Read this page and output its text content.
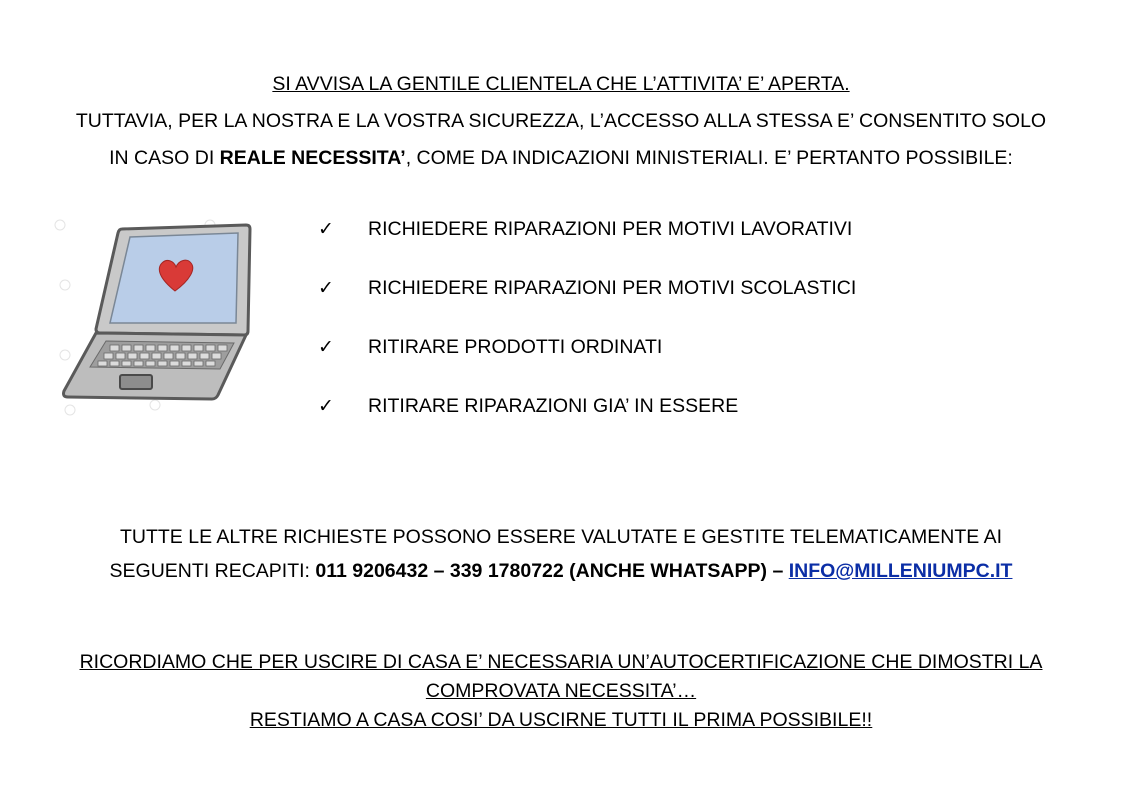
SI AVVISA LA GENTILE CLIENTELA CHE L’ATTIVITA’ E’ APERTA.
TUTTAVIA, PER LA NOSTRA E LA VOSTRA SICUREZZA, L’ACCESSO ALLA STESSA E’ CONSENTITO SOLO
IN CASO DI REALE NECESSITA’, COME DA INDICAZIONI MINISTERIALI. E’ PERTANTO POSSIBILE:
✓	RICHIEDERE RIPARAZIONI PER MOTIVI LAVORATIVI
✓	RICHIEDERE RIPARAZIONI PER MOTIVI SCOLASTICI
✓	RITIRARE PRODOTTI ORDINATI
✓	RITIRARE RIPARAZIONI GIA’ IN ESSERE
TUTTE LE ALTRE RICHIESTE POSSONO ESSERE VALUTATE E GESTITE TELEMATICAMENTE AI
SEGUENTI RECAPITI: 011 9206432 – 339 1780722 (ANCHE WHATSAPP) – INFO@MILLENIUMPC.IT
RICORDIAMO CHE PER USCIRE DI CASA E’ NECESSARIA UN’AUTOCERTIFICAZIONE CHE DIMOSTRI LA
COMPROVATA NECESSITA’…
RESTIAMO A CASA COSI’ DA USCIRNE TUTTI IL PRIMA POSSIBILE!!
